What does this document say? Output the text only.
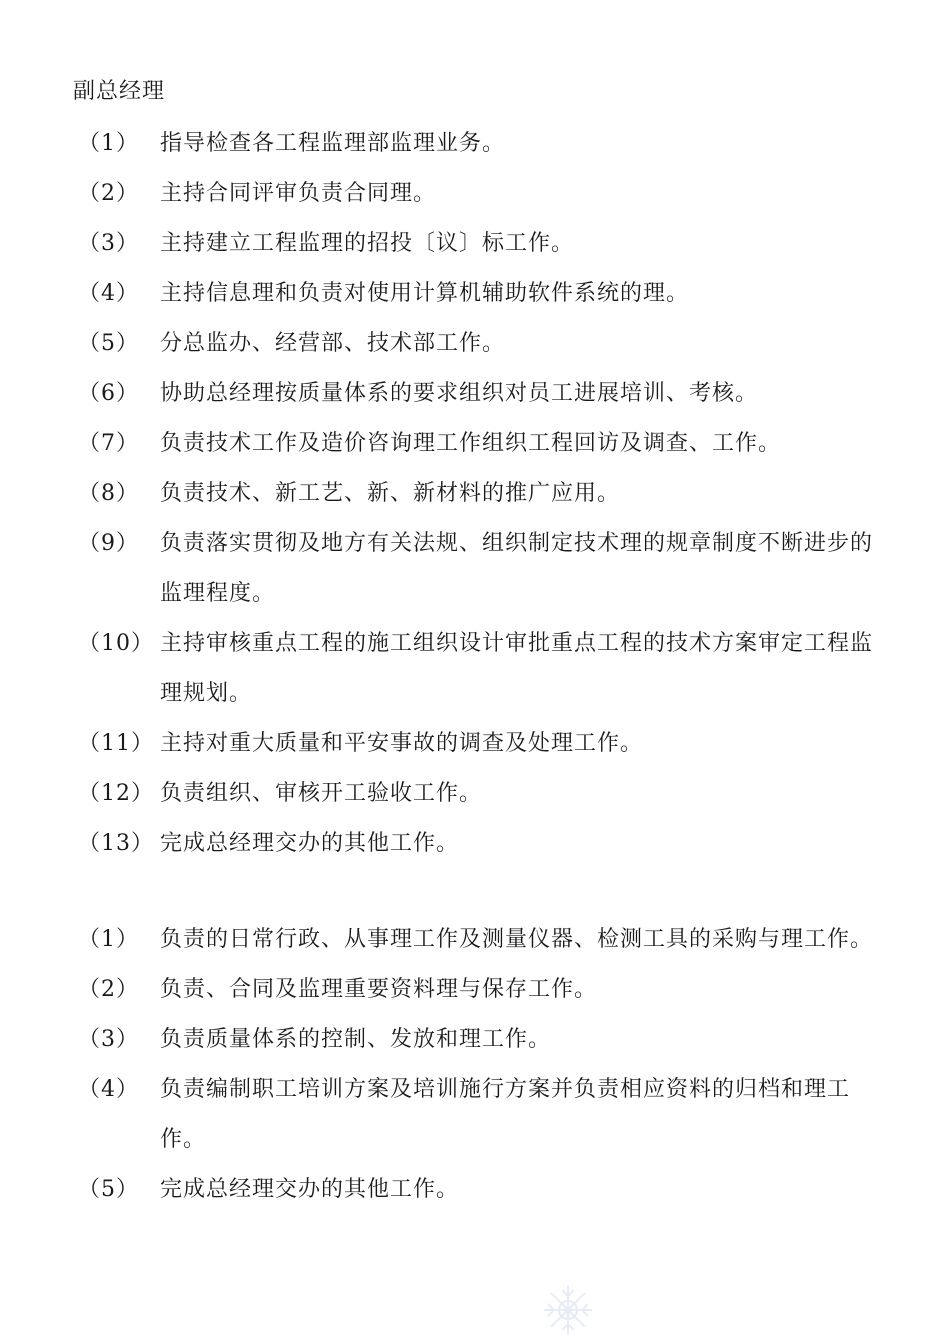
副总经理
（1） 指导检查各工程监理部监理业务。
（2） 主持合同评审负责合同理。
（3） 主持建立工程监理的招投〔议〕标工作。
（4） 主持信息理和负责对使用计算机辅助软件系统的理。
（5） 分总监办、经营部、技术部工作。
（6） 协助总经理按质量体系的要求组织对员工进展培训、考核。
（7） 负责技术工作及造价咨询理工作组织工程回访及调查、工作。
（8） 负责技术、新工艺、新、新材料的推广应用。
（9） 负责落实贯彻及地方有关法规、组织制定技术理的规章制度不断进步的监理程度。
（10） 主持审核重点工程的施工组织设计审批重点工程的技术方案审定工程监理规划。
（11） 主持对重大质量和平安事故的调查及处理工作。
（12） 负责组织、审核开工验收工作。
（13） 完成总经理交办的其他工作。
（1） 负责的日常行政、从事理工作及测量仪器、检测工具的采购与理工作。
（2） 负责、合同及监理重要资料理与保存工作。
（3） 负责质量体系的控制、发放和理工作。
（4） 负责编制职工培训方案及培训施行方案并负责相应资料的归档和理工作。
（5） 完成总经理交办的其他工作。
